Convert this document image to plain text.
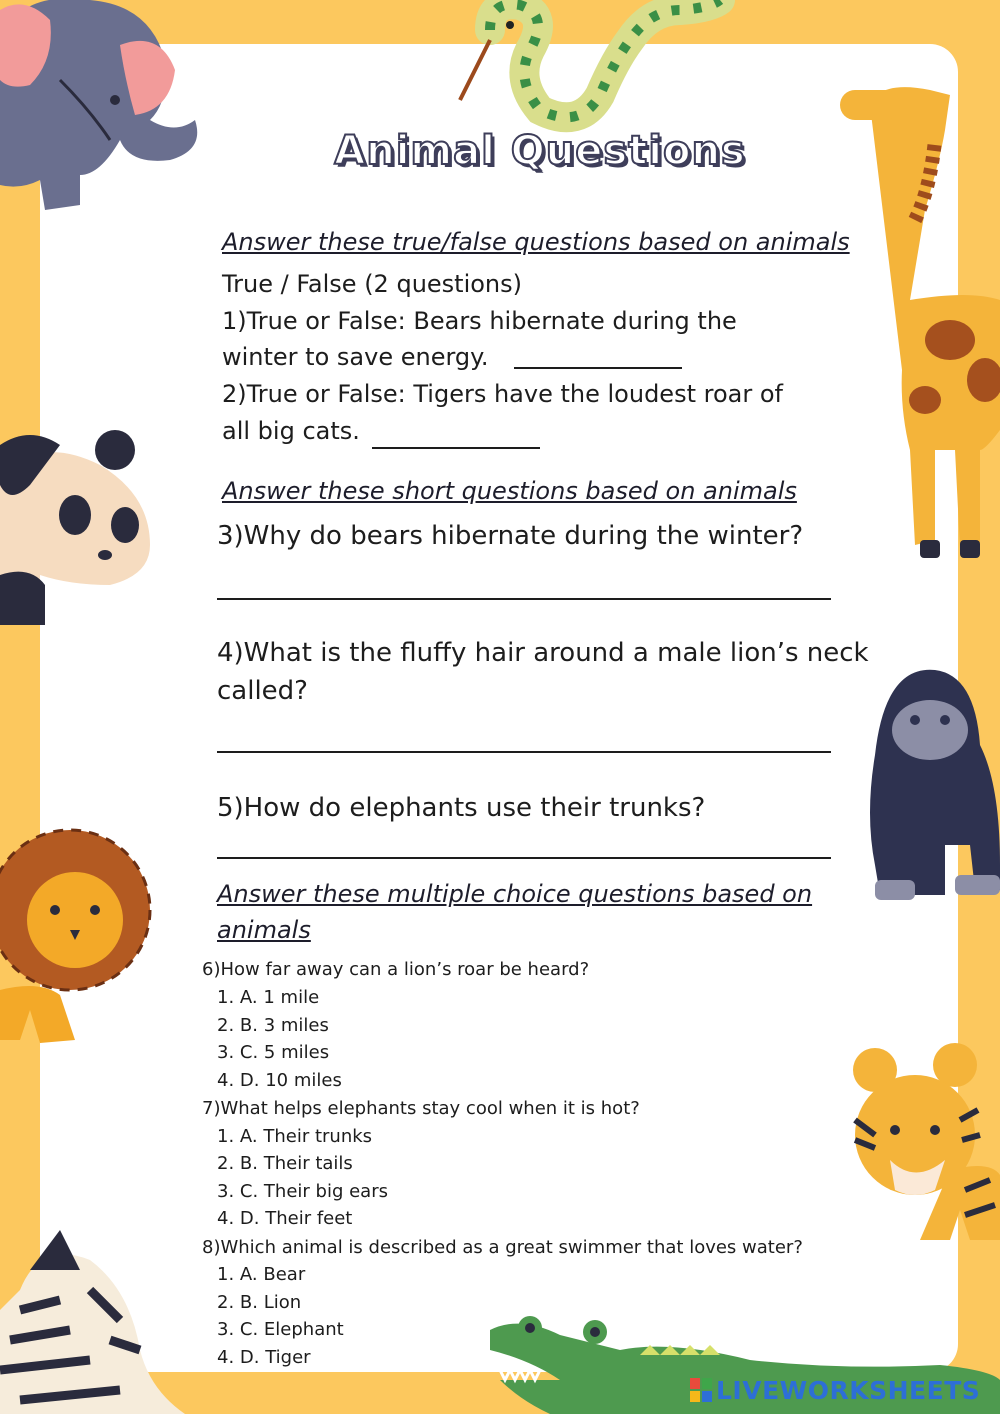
Animal Questions
Answer these true/false questions based on animals
True / False (2 questions)
1)True or False: Bears hibernate during the
winter to save energy.
2)True or False: Tigers have the loudest roar of
all big cats.
Answer these short questions based on animals
3)Why do bears hibernate during the winter?
4)What is the fluffy hair around a male lion’s neck
called?
5)How do elephants use their trunks?
Answer these multiple choice questions based on
animals
6)How far away can a lion’s roar be heard?
1. A. 1 mile
2. B. 3 miles
3. C. 5 miles
4. D. 10 miles
7)What helps elephants stay cool when it is hot?
1. A. Their trunks
2. B. Their tails
3. C. Their big ears
4. D. Their feet
8)Which animal is described as a great swimmer that loves water?
1. A. Bear
2. B. Lion
3. C. Elephant
4. D. Tiger
LIVEWORKSHEETS
